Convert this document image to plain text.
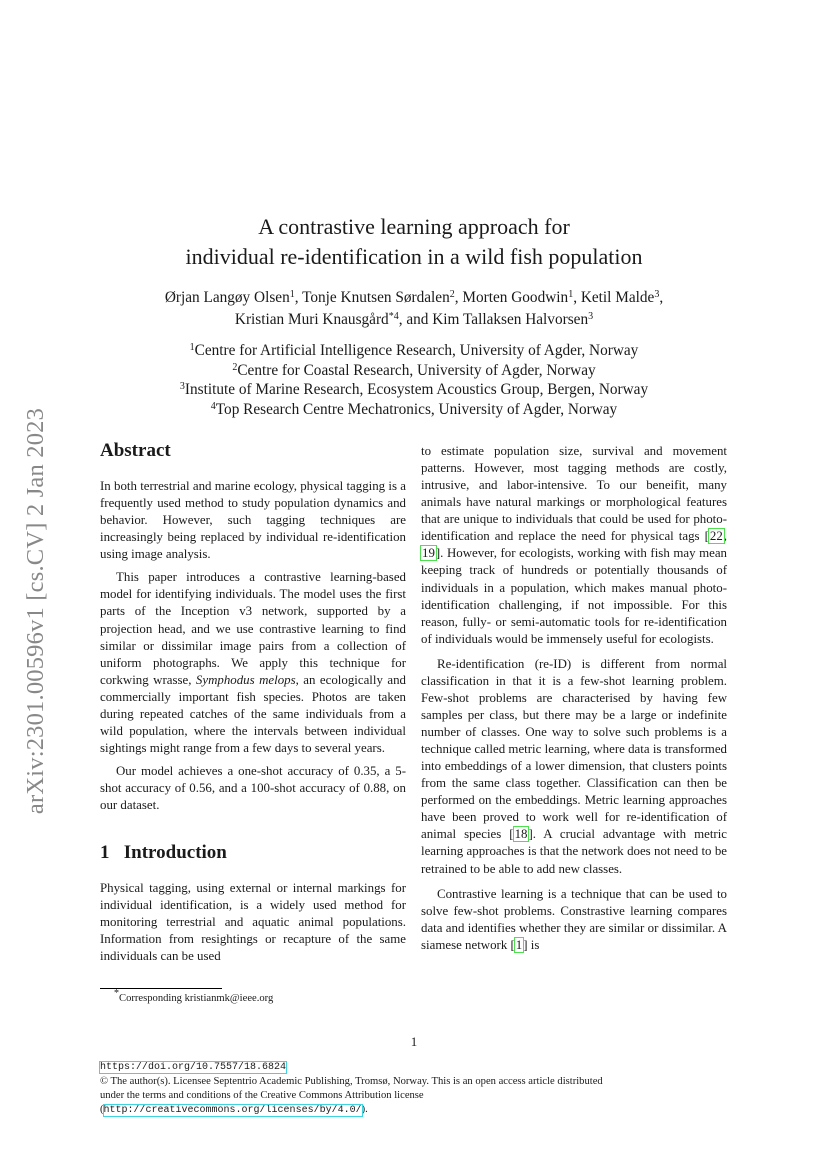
arXiv:2301.00596v1 [cs.CV] 2 Jan 2023
A contrastive learning approach for
individual re-identification in a wild fish population
Ørjan Langøy Olsen$^1$, Tonje Knutsen Sørdalen$^2$, Morten Goodwin$^1$, Ketil Malde$^3$,
Kristian Muri Knausgård$^{*4}$, and Kim Tallaksen Halvorsen$^3$
$^1$Centre for Artificial Intelligence Research, University of Agder, Norway
$^2$Centre for Coastal Research, University of Agder, Norway
$^3$Institute of Marine Research, Ecosystem Acoustics Group, Bergen, Norway
$^4$Top Research Centre Mechatronics, University of Agder, Norway
Abstract

In both terrestrial and marine ecology, physical tagging is a frequently used method to study population dynamics and behavior. However, such tagging techniques are increasingly being replaced by individual re-identification using image analysis.

This paper introduces a contrastive learning-based model for identifying individuals. The model uses the first parts of the Inception v3 network, supported by a projection head, and we use contrastive learning to find similar or dissimilar image pairs from a collection of uniform photographs. We apply this technique for corkwing wrasse, Symphodus melops, an ecologically and commercially important fish species. Photos are taken during repeated catches of the same individuals from a wild population, where the intervals between individual sightings might range from a few days to several years.

Our model achieves a one-shot accuracy of 0.35, a 5-shot accuracy of 0.56, and a 100-shot accuracy of 0.88, on our dataset.

1 Introduction

Physical tagging, using external or internal markings for individual identification, is a widely used method for monitoring terrestrial and aquatic animal populations. Information from resightings or recapture of the same individuals can be used

*Corresponding kristianmk@ieee.org

to estimate population size, survival and movement patterns. However, most tagging methods are costly, intrusive, and labor-intensive. To our beneifit, many animals have natural markings or morphological features that are unique to individuals that could be used for photo-identification and replace the need for physical tags [22, 19]. However, for ecologists, working with fish may mean keeping track of hundreds or potentially thousands of individuals in a population, which makes manual photo-identification challenging, if not impossible. For this reason, fully- or semi-automatic tools for re-identification of individuals would be immensely useful for ecologists.

Re-identification (re-ID) is different from normal classification in that it is a few-shot learning problem. Few-shot problems are characterised by having few samples per class, but there may be a large or indefinite number of classes. One way to solve such problems is a technique called metric learning, where data is transformed into embeddings of a lower dimension, that clusters points from the same class together. Classification can then be performed on the embeddings. Metric learning approaches have been proved to work well for re-identification of animal species [18]. A crucial advantage with metric learning approaches is that the network does not need to be retrained to be able to add new classes.

Contrastive learning is a technique that can be used to solve few-shot problems. Constrastive learning compares data and identifies whether they are similar or dissimilar. A siamese network [1] is

1
https://doi.org/10.7557/18.6824
© The author(s). Licensee Septentrio Academic Publishing, Tromsø, Norway. This is an open access article distributed
under the terms and conditions of the Creative Commons Attribution license
(http://creativecommons.org/licenses/by/4.0/).
